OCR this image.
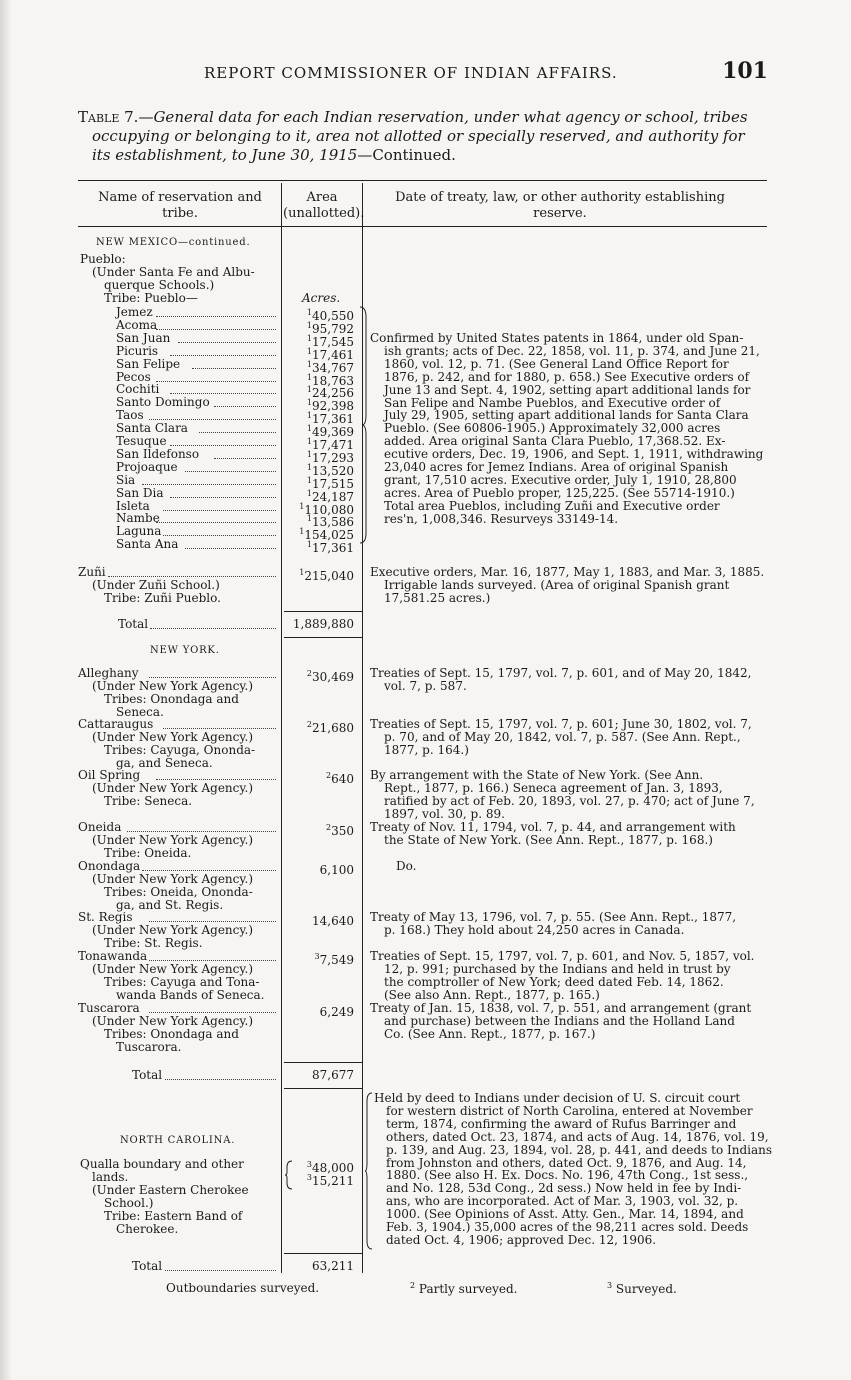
REPORT COMMISSIONER OF INDIAN AFFAIRS.	101
Table 7.—General data for each Indian reservation, under what agency or school, tribes
occupying or belonging to it, area not allotted or specially reserved, and authority for
its establishment, to June 30, 1915—Continued.
Name of reservation and tribe.
Area (unallotted).
Date of treaty, law, or other authority establishing reserve.
NEW MEXICO—continued.
Pueblo:
(Under Santa Fe and Albu-
querque Schools.)
Tribe: Pueblo—	Acres.
Jemez	$^1$40,550
Acoma	$^1$95,792
San Juan	$^1$17,545
Picuris	$^1$17,461
San Felipe	$^1$34,767
Pecos	$^1$18,763
Cochiti	$^1$24,256
Santo Domingo	$^1$92,398
Taos	$^1$17,361
Santa Clara	$^1$49,369
Tesuque	$^1$17,471
San Ildefonso	$^1$17,293
Projoaque	$^1$13,520
Sia	$^1$17,515
San Dia	$^1$24,187
Isleta	$^1$110,080
Nambe	$^1$13,586
Laguna	$^1$154,025
Santa Ana	$^1$17,361
Confirmed by United States patents in 1864, under old Span-
ish grants; acts of Dec. 22, 1858, vol. 11, p. 374, and June 21,
1860, vol. 12, p. 71. (See General Land Office Report for
1876, p. 242, and for 1880, p. 658.) See Executive orders of
June 13 and Sept. 4, 1902, setting apart additional lands for
San Felipe and Nambe Pueblos, and Executive order of
July 29, 1905, setting apart additional lands for Santa Clara
Pueblo. (See 60806-1905.) Approximately 32,000 acres
added. Area original Santa Clara Pueblo, 17,368.52. Ex-
ecutive orders, Dec. 19, 1906, and Sept. 1, 1911, withdrawing
23,040 acres for Jemez Indians. Area of original Spanish
grant, 17,510 acres. Executive order, July 1, 1910, 28,800
acres. Area of Pueblo proper, 125,225. (See 55714-1910.)
Total area Pueblos, including Zuñi and Executive order
res'n, 1,008,346. Resurveys 33149-14.
Zuñi	$^1$215,040
(Under Zuñi School.)
Tribe: Zuñi Pueblo.
Executive orders, Mar. 16, 1877, May 1, 1883, and Mar. 3, 1885.
Irrigable lands surveyed. (Area of original Spanish grant
17,581.25 acres.)
Total	1,889,880
NEW YORK.
Alleghany	$^2$30,469
(Under New York Agency.)
Tribes: Onondaga and
Seneca.
Treaties of Sept. 15, 1797, vol. 7, p. 601, and of May 20, 1842,
vol. 7, p. 587.
Cattaraugus	$^2$21,680
(Under New York Agency.)
Tribes: Cayuga, Ononda-
ga, and Seneca.
Treaties of Sept. 15, 1797, vol. 7, p. 601; June 30, 1802, vol. 7,
p. 70, and of May 20, 1842, vol. 7, p. 587. (See Ann. Rept.,
1877, p. 164.)
Oil Spring	$^2$640
(Under New York Agency.)
Tribe: Seneca.
By arrangement with the State of New York. (See Ann.
Rept., 1877, p. 166.) Seneca agreement of Jan. 3, 1893,
ratified by act of Feb. 20, 1893, vol. 27, p. 470; act of June 7,
1897, vol. 30, p. 89.
Oneida	$^2$350
(Under New York Agency.)
Tribe: Oneida.
Treaty of Nov. 11, 1794, vol. 7, p. 44, and arrangement with
the State of New York. (See Ann. Rept., 1877, p. 168.)
Onondaga	6,100
(Under New York Agency.)
Tribes: Oneida, Ononda-
ga, and St. Regis.
Do.
St. Regis	14,640
(Under New York Agency.)
Tribe: St. Regis.
Treaty of May 13, 1796, vol. 7, p. 55. (See Ann. Rept., 1877,
p. 168.) They hold about 24,250 acres in Canada.
Tonawanda	$^3$7,549
(Under New York Agency.)
Tribes: Cayuga and Tona-
wanda Bands of Seneca.
Treaties of Sept. 15, 1797, vol. 7, p. 601, and Nov. 5, 1857, vol.
12, p. 991; purchased by the Indians and held in trust by
the comptroller of New York; deed dated Feb. 14, 1862.
(See also Ann. Rept., 1877, p. 165.)
Tuscarora	6,249
(Under New York Agency.)
Tribes: Onondaga and
Tuscarora.
Treaty of Jan. 15, 1838, vol. 7, p. 551, and arrangement (grant
and purchase) between the Indians and the Holland Land
Co. (See Ann. Rept., 1877, p. 167.)
Total	87,677
NORTH CAROLINA.
Qualla boundary and other
lands.
(Under Eastern Cherokee
School.)
Tribe: Eastern Band of
Cherokee.
$^3$48,000
$^3$15,211
Held by deed to Indians under decision of U. S. circuit court
for western district of North Carolina, entered at November
term, 1874, confirming the award of Rufus Barringer and
others, dated Oct. 23, 1874, and acts of Aug. 14, 1876, vol. 19,
p. 139, and Aug. 23, 1894, vol. 28, p. 441, and deeds to Indians
from Johnston and others, dated Oct. 9, 1876, and Aug. 14,
1880. (See also H. Ex. Docs. No. 196, 47th Cong., 1st sess.,
and No. 128, 53d Cong., 2d sess.) Now held in fee by Indi-
ans, who are incorporated. Act of Mar. 3, 1903, vol. 32, p.
1000. (See Opinions of Asst. Atty. Gen., Mar. 14, 1894, and
Feb. 3, 1904.) 35,000 acres of the 98,211 acres sold. Deeds
dated Oct. 4, 1906; approved Dec. 12, 1906.
Total	63,211
Outboundaries surveyed.	$^2$ Partly surveyed.	$^3$ Surveyed.
